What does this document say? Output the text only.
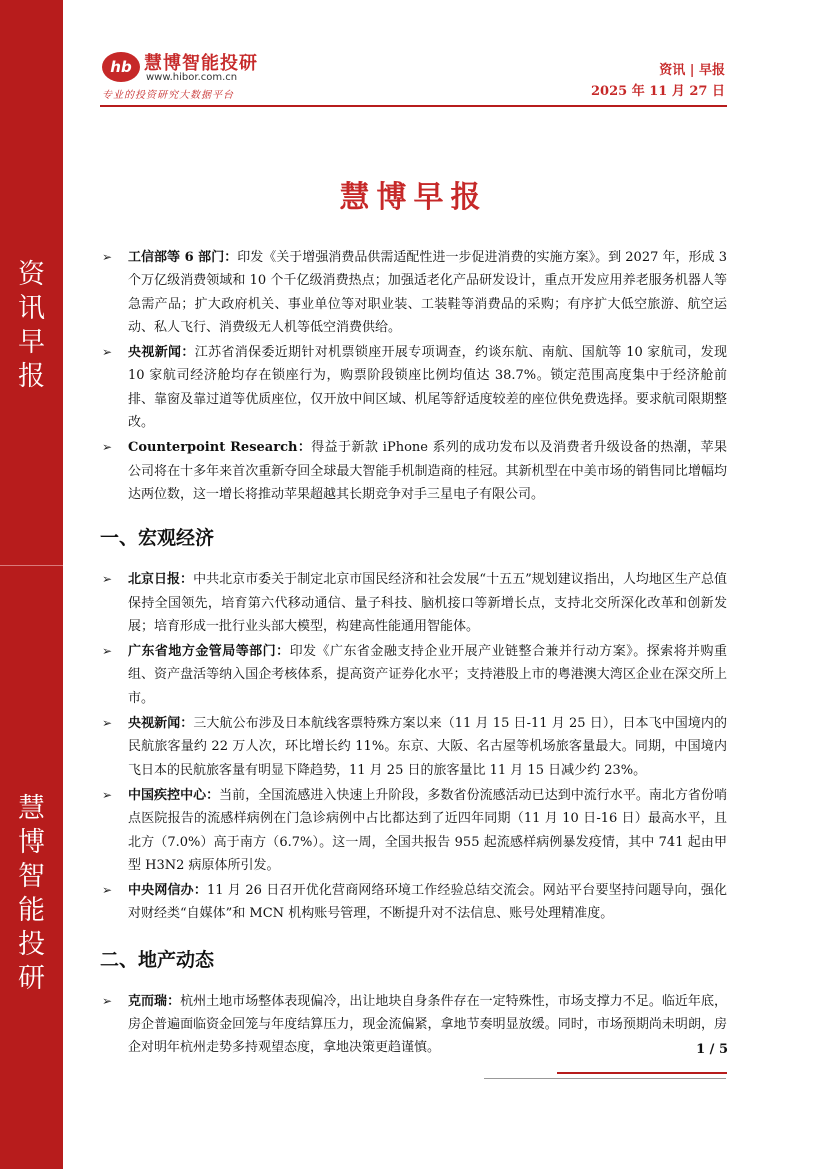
资
讯
早
报
慧
博
智
能
投
研
hb 慧博智能投研
www.hibor.com.cn
专业的投资研究大数据平台
资讯 | 早报
2025 年 11 月 27 日
慧博早报
➢ 工信部等 6 部门：印发《关于增强消费品供需适配性进一步促进消费的实施方案》。到 2027 年，形成 3 个万亿级消费领域和 10 个千亿级消费热点；加强适老化产品研发设计，重点开发应用养老服务机器人等急需产品；扩大政府机关、事业单位等对职业装、工装鞋等消费品的采购；有序扩大低空旅游、航空运动、私人飞行、消费级无人机等低空消费供给。
➢ 央视新闻：江苏省消保委近期针对机票锁座开展专项调查，约谈东航、南航、国航等 10 家航司，发现 10 家航司经济舱均存在锁座行为，购票阶段锁座比例均值达 38.7%。锁定范围高度集中于经济舱前排、靠窗及靠过道等优质座位，仅开放中间区域、机尾等舒适度较差的座位供免费选择。要求航司限期整改。
➢ Counterpoint Research：得益于新款 iPhone 系列的成功发布以及消费者升级设备的热潮，苹果公司将在十多年来首次重新夺回全球最大智能手机制造商的桂冠。其新机型在中美市场的销售同比增幅均达两位数，这一增长将推动苹果超越其长期竞争对手三星电子有限公司。
一、宏观经济
➢ 北京日报：中共北京市委关于制定北京市国民经济和社会发展“十五五”规划建议指出，人均地区生产总值保持全国领先，培育第六代移动通信、量子科技、脑机接口等新增长点，支持北交所深化改革和创新发展；培育形成一批行业头部大模型，构建高性能通用智能体。
➢ 广东省地方金管局等部门：印发《广东省金融支持企业开展产业链整合兼并行动方案》。探索将并购重组、资产盘活等纳入国企考核体系，提高资产证券化水平；支持港股上市的粤港澳大湾区企业在深交所上市。
➢ 央视新闻：三大航公布涉及日本航线客票特殊方案以来（11 月 15 日-11 月 25 日），日本飞中国境内的民航旅客量约 22 万人次，环比增长约 11%。东京、大阪、名古屋等机场旅客量最大。同期，中国境内飞日本的民航旅客量有明显下降趋势，11 月 25 日的旅客量比 11 月 15 日减少约 23%。
➢ 中国疾控中心：当前，全国流感进入快速上升阶段，多数省份流感活动已达到中流行水平。南北方省份哨点医院报告的流感样病例在门急诊病例中占比都达到了近四年同期（11 月 10 日-16 日）最高水平，且北方（7.0%）高于南方（6.7%）。这一周，全国共报告 955 起流感样病例暴发疫情，其中 741 起由甲型 H3N2 病原体所引发。
➢ 中央网信办：11 月 26 日召开优化营商网络环境工作经验总结交流会。网站平台要坚持问题导向，强化对财经类“自媒体”和 MCN 机构账号管理，不断提升对不法信息、账号处理精准度。
二、地产动态
➢ 克而瑞：杭州土地市场整体表现偏冷，出让地块自身条件存在一定特殊性，市场支撑力不足。临近年底，房企普遍面临资金回笼与年度结算压力，现金流偏紧，拿地节奏明显放缓。同时，市场预期尚未明朗，房企对明年杭州走势多持观望态度，拿地决策更趋谨慎。	1 / 5
